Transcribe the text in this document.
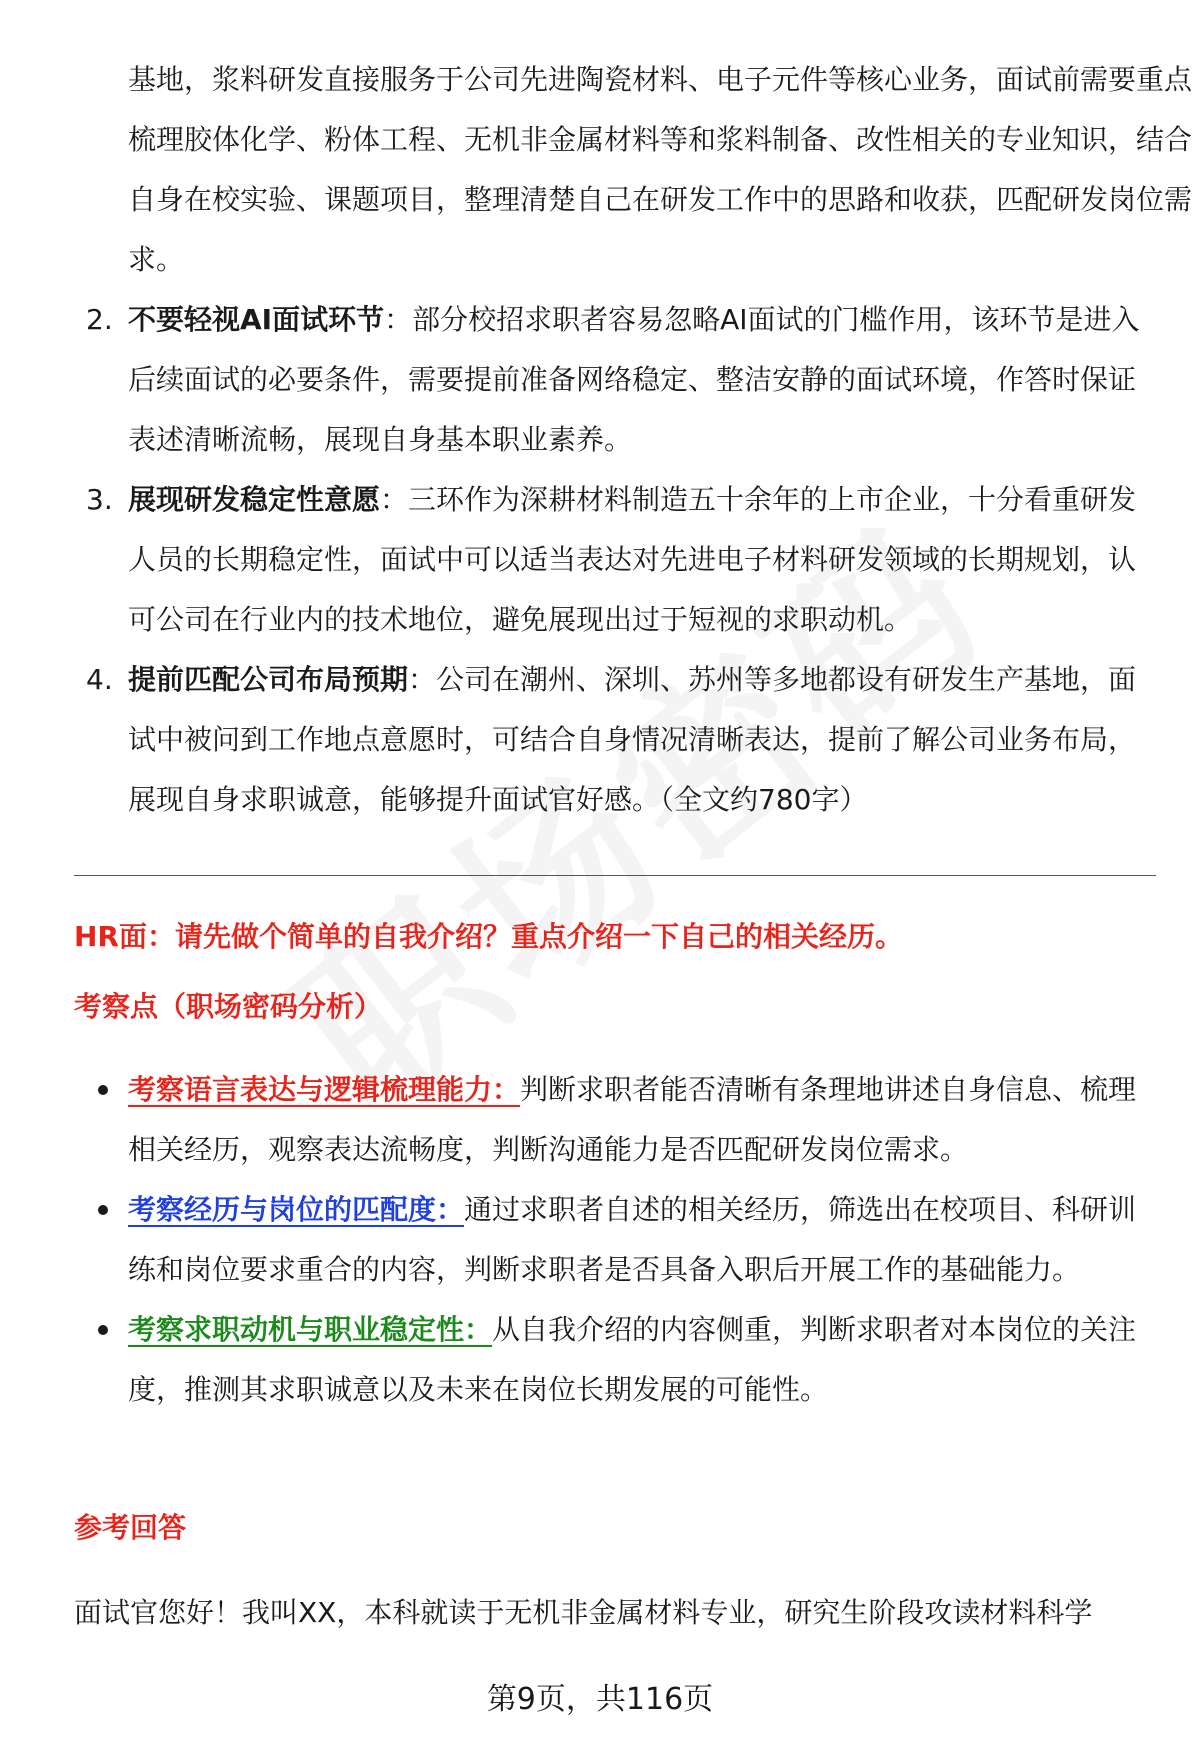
基地，浆料研发直接服务于公司先进陶瓷材料、电子元件等核心业务，面试前需要重点梳理胶体化学、粉体工程、无机非金属材料等和浆料制备、改性相关的专业知识，结合自身在校实验、课题项目，整理清楚自己在研发工作中的思路和收获，匹配研发岗位需求。
2. 不要轻视AI面试环节：部分校招求职者容易忽略AI面试的门槛作用，该环节是进入后续面试的必要条件，需要提前准备网络稳定、整洁安静的面试环境，作答时保证表述清晰流畅，展现自身基本职业素养。
3. 展现研发稳定性意愿：三环作为深耕材料制造五十余年的上市企业，十分看重研发人员的长期稳定性，面试中可以适当表达对先进电子材料研发领域的长期规划，认可公司在行业内的技术地位，避免展现出过于短视的求职动机。
4. 提前匹配公司布局预期：公司在潮州、深圳、苏州等多地都设有研发生产基地，面试中被问到工作地点意愿时，可结合自身情况清晰表达，提前了解公司业务布局，展现自身求职诚意，能够提升面试官好感。（全文约780字）
HR面：请先做个简单的自我介绍？重点介绍一下自己的相关经历。
考察点（职场密码分析）
考察语言表达与逻辑梳理能力：判断求职者能否清晰有条理地讲述自身信息、梳理相关经历，观察表达流畅度，判断沟通能力是否匹配研发岗位需求。
考察经历与岗位的匹配度：通过求职者自述的相关经历，筛选出在校项目、科研训练和岗位要求重合的内容，判断求职者是否具备入职后开展工作的基础能力。
考察求职动机与职业稳定性：从自我介绍的内容侧重，判断求职者对本岗位的关注度，推测其求职诚意以及未来在岗位长期发展的可能性。
参考回答
面试官您好！我叫XX，本科就读于无机非金属材料专业，研究生阶段攻读材料科学
第9页，共116页
